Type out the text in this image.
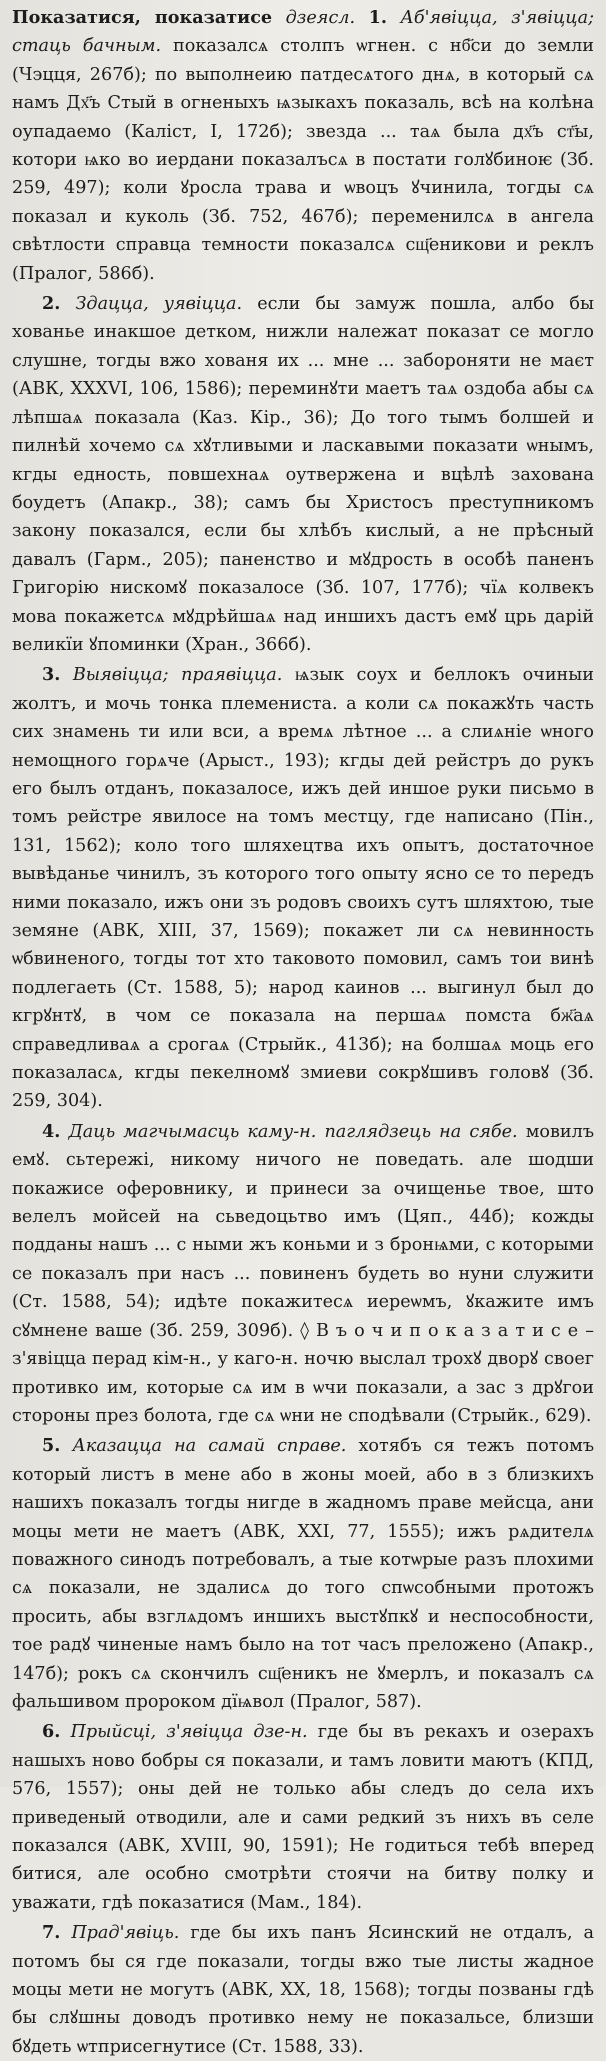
Показатися, показатисе дзеясл. 1. Аб'явіцца, з'явіцца; стаць бачным. показалсѧ столпъ ѡгнен. с нб҃си до земли (Чэцця, 267б); по выполнеию патдесѧтого днѧ, в который сѧ намъ Дх҃ъ Стый в огненыхъ ѩзыкахъ показаль, всѣ на колѣна оупадаемо (Каліст, I, 172б); звезда ... таѧ была дх҃ъ ст҃ы, котори ѩко во иердани показалъсѧ в постати голꙋбиноѥ (Зб. 259, 497); коли ꙋросла трава и ѡвоцъ ꙋчинила, тогды сѧ показал и куколь (Зб. 752, 467б); переменилсѧ в ангела свѣтлости справца темности показалсѧ сщ҃еникови и реклъ (Пралог, 586б).

2. Здацца, уявіцца. если бы замуж пошла, албо бы хованье инакшое детком, нижли належат показат се могло слушне, тогды вжо хованя их ... мне ... забороняти не маєт (АВК, XXXVI, 106, 1586); переминꙋти маетъ таѧ оздоба абы сѧ лѣпшаѧ показала (Каз. Кір., 36); До того тымъ болшей и пилнѣй хочемо сѧ хꙋтливыми и ласкавыми показати ѡнымъ, кгды едность, повшехнаѧ оутвержена и вцѣлѣ захована боудетъ (Апакр., 38); самъ бы Христосъ преступникомъ закону показался, если бы хлѣбъ кислый, а не прѣсный давалъ (Гарм., 205); паненство и мꙋдрость в особѣ паненъ Григорію нискомꙋ показалосе (Зб. 107, 177б); чїѧ колвекъ мова покажетсѧ мꙋдрѣйшаѧ над иншихъ дастъ емꙋ црь дарій великїи ꙋпоминки (Хран., 366б).

3. Выявіцца; праявіцца. ѩзык соух и беллокъ очиныи жолтъ, и мочь тонка племениста. а коли сѧ покажꙋть часть сих знамень ти или вси, а времѧ лѣтное ... а слиѧніе ѡного немощного горѧче (Арыст., 193); кгды дей рейстръ до рукъ его былъ отданъ, показалосе, ижъ дей иншое руки письмо в томъ рейстре явилосе на томъ местцу, где написано (Пін., 131, 1562); коло того шляхецтва ихъ опытъ, достаточное вывѣданье чинилъ, зъ которого того опыту ясно се то передъ ними показало, ижъ они зъ родовъ своихъ сутъ шляхтою, тые земяне (АВК, XIII, 37, 1569); покажет ли сѧ невинность ѡбвиненого, тогды тот хто таковото помовил, самъ тои винѣ подлегаеть (Ст. 1588, 5); народ каинов ... выгинул был до кгрꙋнтꙋ, в чом се показала на першаѧ помста бж҃аѧ справедливаѧ а срогаѧ (Стрыйк., 413б); на болшаѧ моць его показаласѧ, кгды пекелномꙋ змиеви сокрꙋшивъ головꙋ (Зб. 259, 304).

4. Даць магчымасць каму-н. паглядзець на сябе. мовилъ емꙋ. сьтережі, никому ничого не поведать. але шодши покажисе оферовнику, и принеси за очищенье твое, што велелъ мойсей на сьведоцьтво имъ (Цяп., 44б); кожды подданы нашъ ... с ными жъ коньми и з бронѩми, с которыми се показалъ при насъ ... повиненъ будеть во нуни служити (Ст. 1588, 54); идѣте покажитесѧ иереѡмъ, ꙋкажите имъ сꙋмнене ваше (Зб. 259, 309б). ◊ В ъ о ч и п о к а з а т и с е – з'явіцца перад кім-н., у каго-н. ночю выслал трохꙋ дворꙋ своег противко им, которые сѧ им в ѡчи показали, а зас з дрꙋгои стороны през болота, где сѧ ѡни не сподѣвали (Стрыйк., 629).

5. Аказацца на самай справе. хотябъ ся тежъ потомъ который листъ в мене або в жоны моей, або в з близкихъ нашихъ показалъ тогды нигде в жадномъ праве мейсца, ани моцы мети не маетъ (АВК, XXI, 77, 1555); ижъ рѧдителѧ поважного синодъ потребовалъ, а тые котѡрые разъ плохими сѧ показали, не здалисѧ до того спѡсобными протожъ просить, абы взглѧдомъ иншихъ выстꙋпкꙋ и неспособности, тое радꙋ чиненые намъ было на тот часъ преложено (Апакр., 147б); рокъ сѧ скончилъ сщ҃еникъ не ꙋмерлъ, и показалъ сѧ фальшивом пророком дїѩвол (Пралог, 587).

6. Прыйсці, з'явіцца дзе-н. где бы въ рекахъ и озерахъ нашыхъ ново бобры ся показали, и тамъ ловити маютъ (КПД, 576, 1557); оны дей не только абы следъ до села ихъ приведеный отводили, але и сами редкий зъ нихъ въ селе показался (АВК, XVIII, 90, 1591); Не годиться тебѣ вперед битися, але особно смотрѣти стоячи на битву полку и уважати, гдѣ показатися (Мам., 184).

7. Прад'явіць. где бы ихъ панъ Ясинский не отдалъ, а потомъ бы ся где показали, тогды вжо тые листы жадное моцы мети не могутъ (АВК, XX, 18, 1568); тогды позваны гдѣ бы слꙋшны доводъ противко нему не показальсе, близши бꙋдеть ѡтприсегнутисе (Ст. 1588, 33).
